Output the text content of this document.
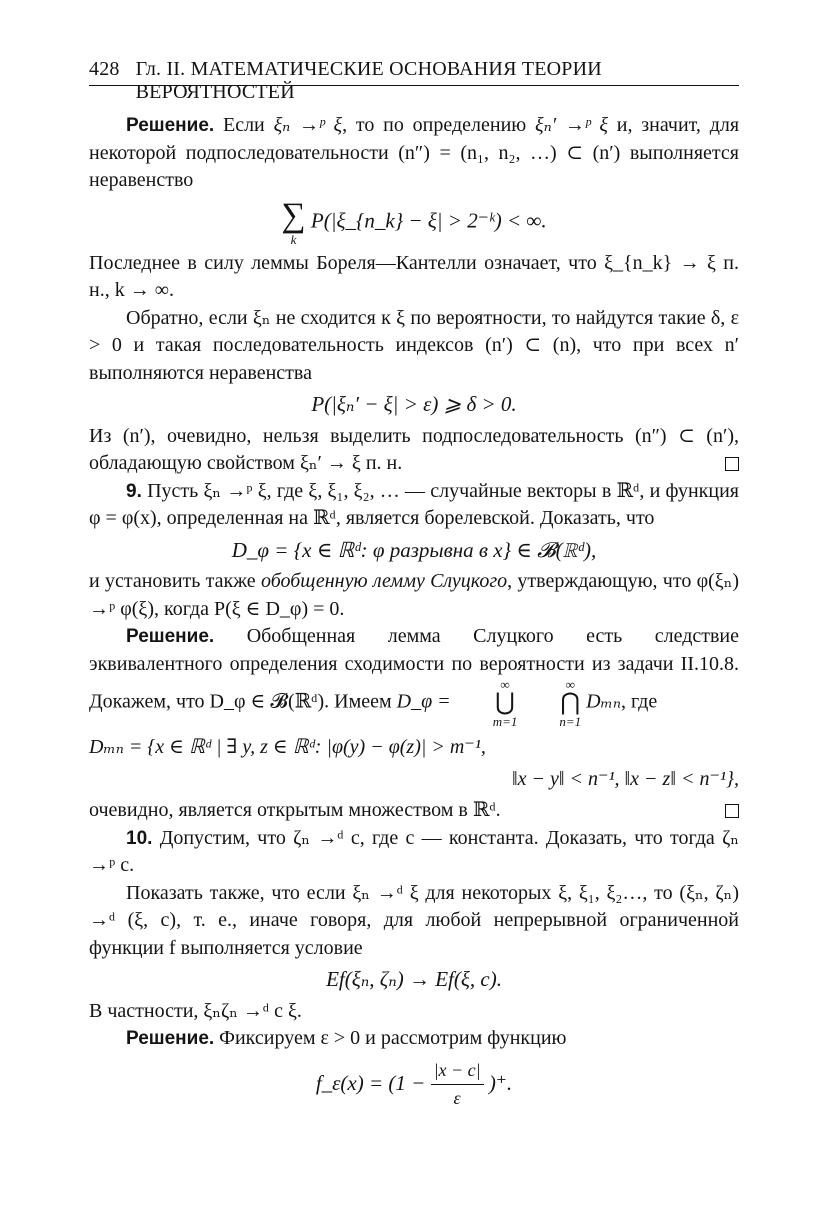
428 Гл. II. МАТЕМАТИЧЕСКИЕ ОСНОВАНИЯ ТЕОРИИ ВЕРОЯТНОСТЕЙ

Решение. Если ξₙ →ᵖ ξ, то по определению ξₙ′ →ᵖ ξ и, значит, для некоторой подпоследовательности (n″) = (n₁, n₂, …) ⊂ (n′) выполняется неравенство

∑
k
P(|ξ_{n_k} − ξ| > 2⁻ᵏ) < ∞.

Последнее в силу леммы Бореля—Кантелли означает, что ξ_{n_k} → ξ п. н., k → ∞.

Обратно, если ξₙ не сходится к ξ по вероятности, то найдутся такие δ, ε > 0 и такая последовательность индексов (n′) ⊂ (n), что при всех n′ выполняются неравенства

P(|ξₙ′ − ξ| > ε) ⩾ δ > 0.

Из (n′), очевидно, нельзя выделить подпоследовательность (n″) ⊂ (n′), обладающую свойством ξₙ′ → ξ п. н.

9. Пусть ξₙ →ᵖ ξ, где ξ, ξ₁, ξ₂, … — случайные векторы в ℝᵈ, и функция φ = φ(x), определенная на ℝᵈ, является борелевской. Доказать, что

D_φ = {x ∈ ℝᵈ: φ разрывна в x} ∈ 𝓑(ℝᵈ),

и установить также обобщенную лемму Слуцкого, утверждающую, что φ(ξₙ) →ᵖ φ(ξ), когда P(ξ ∈ D_φ) = 0.

Решение. Обобщенная лемма Слуцкого есть следствие эквивалентного определения сходимости по вероятности из задачи II.10.8. Докажем, что D_φ ∈ 𝓑(ℝᵈ). Имеем D_φ =
∞
⋃
m=1

∞
⋂
n=1
Dₘₙ, где

Dₘₙ = {x ∈ ℝᵈ | ∃ y, z ∈ ℝᵈ: |φ(y) − φ(z)| > m⁻¹,

‖x − y‖ < n⁻¹, ‖x − z‖ < n⁻¹},

очевидно, является открытым множеством в ℝᵈ.

10. Допустим, что ζₙ →ᵈ c, где c — константа. Доказать, что тогда ζₙ →ᵖ c.

Показать также, что если ξₙ →ᵈ ξ для некоторых ξ, ξ₁, ξ₂…, то (ξₙ, ζₙ) →ᵈ (ξ, c), т. е., иначе говоря, для любой непрерывной ограниченной функции f выполняется условие

Ef(ξₙ, ζₙ) → Ef(ξ, c).

В частности, ξₙζₙ →ᵈ c ξ.

Решение. Фиксируем ε > 0 и рассмотрим функцию

f_ε(x) = ($1 - \frac{|x - c|}{\varepsilon}$ )⁺.
